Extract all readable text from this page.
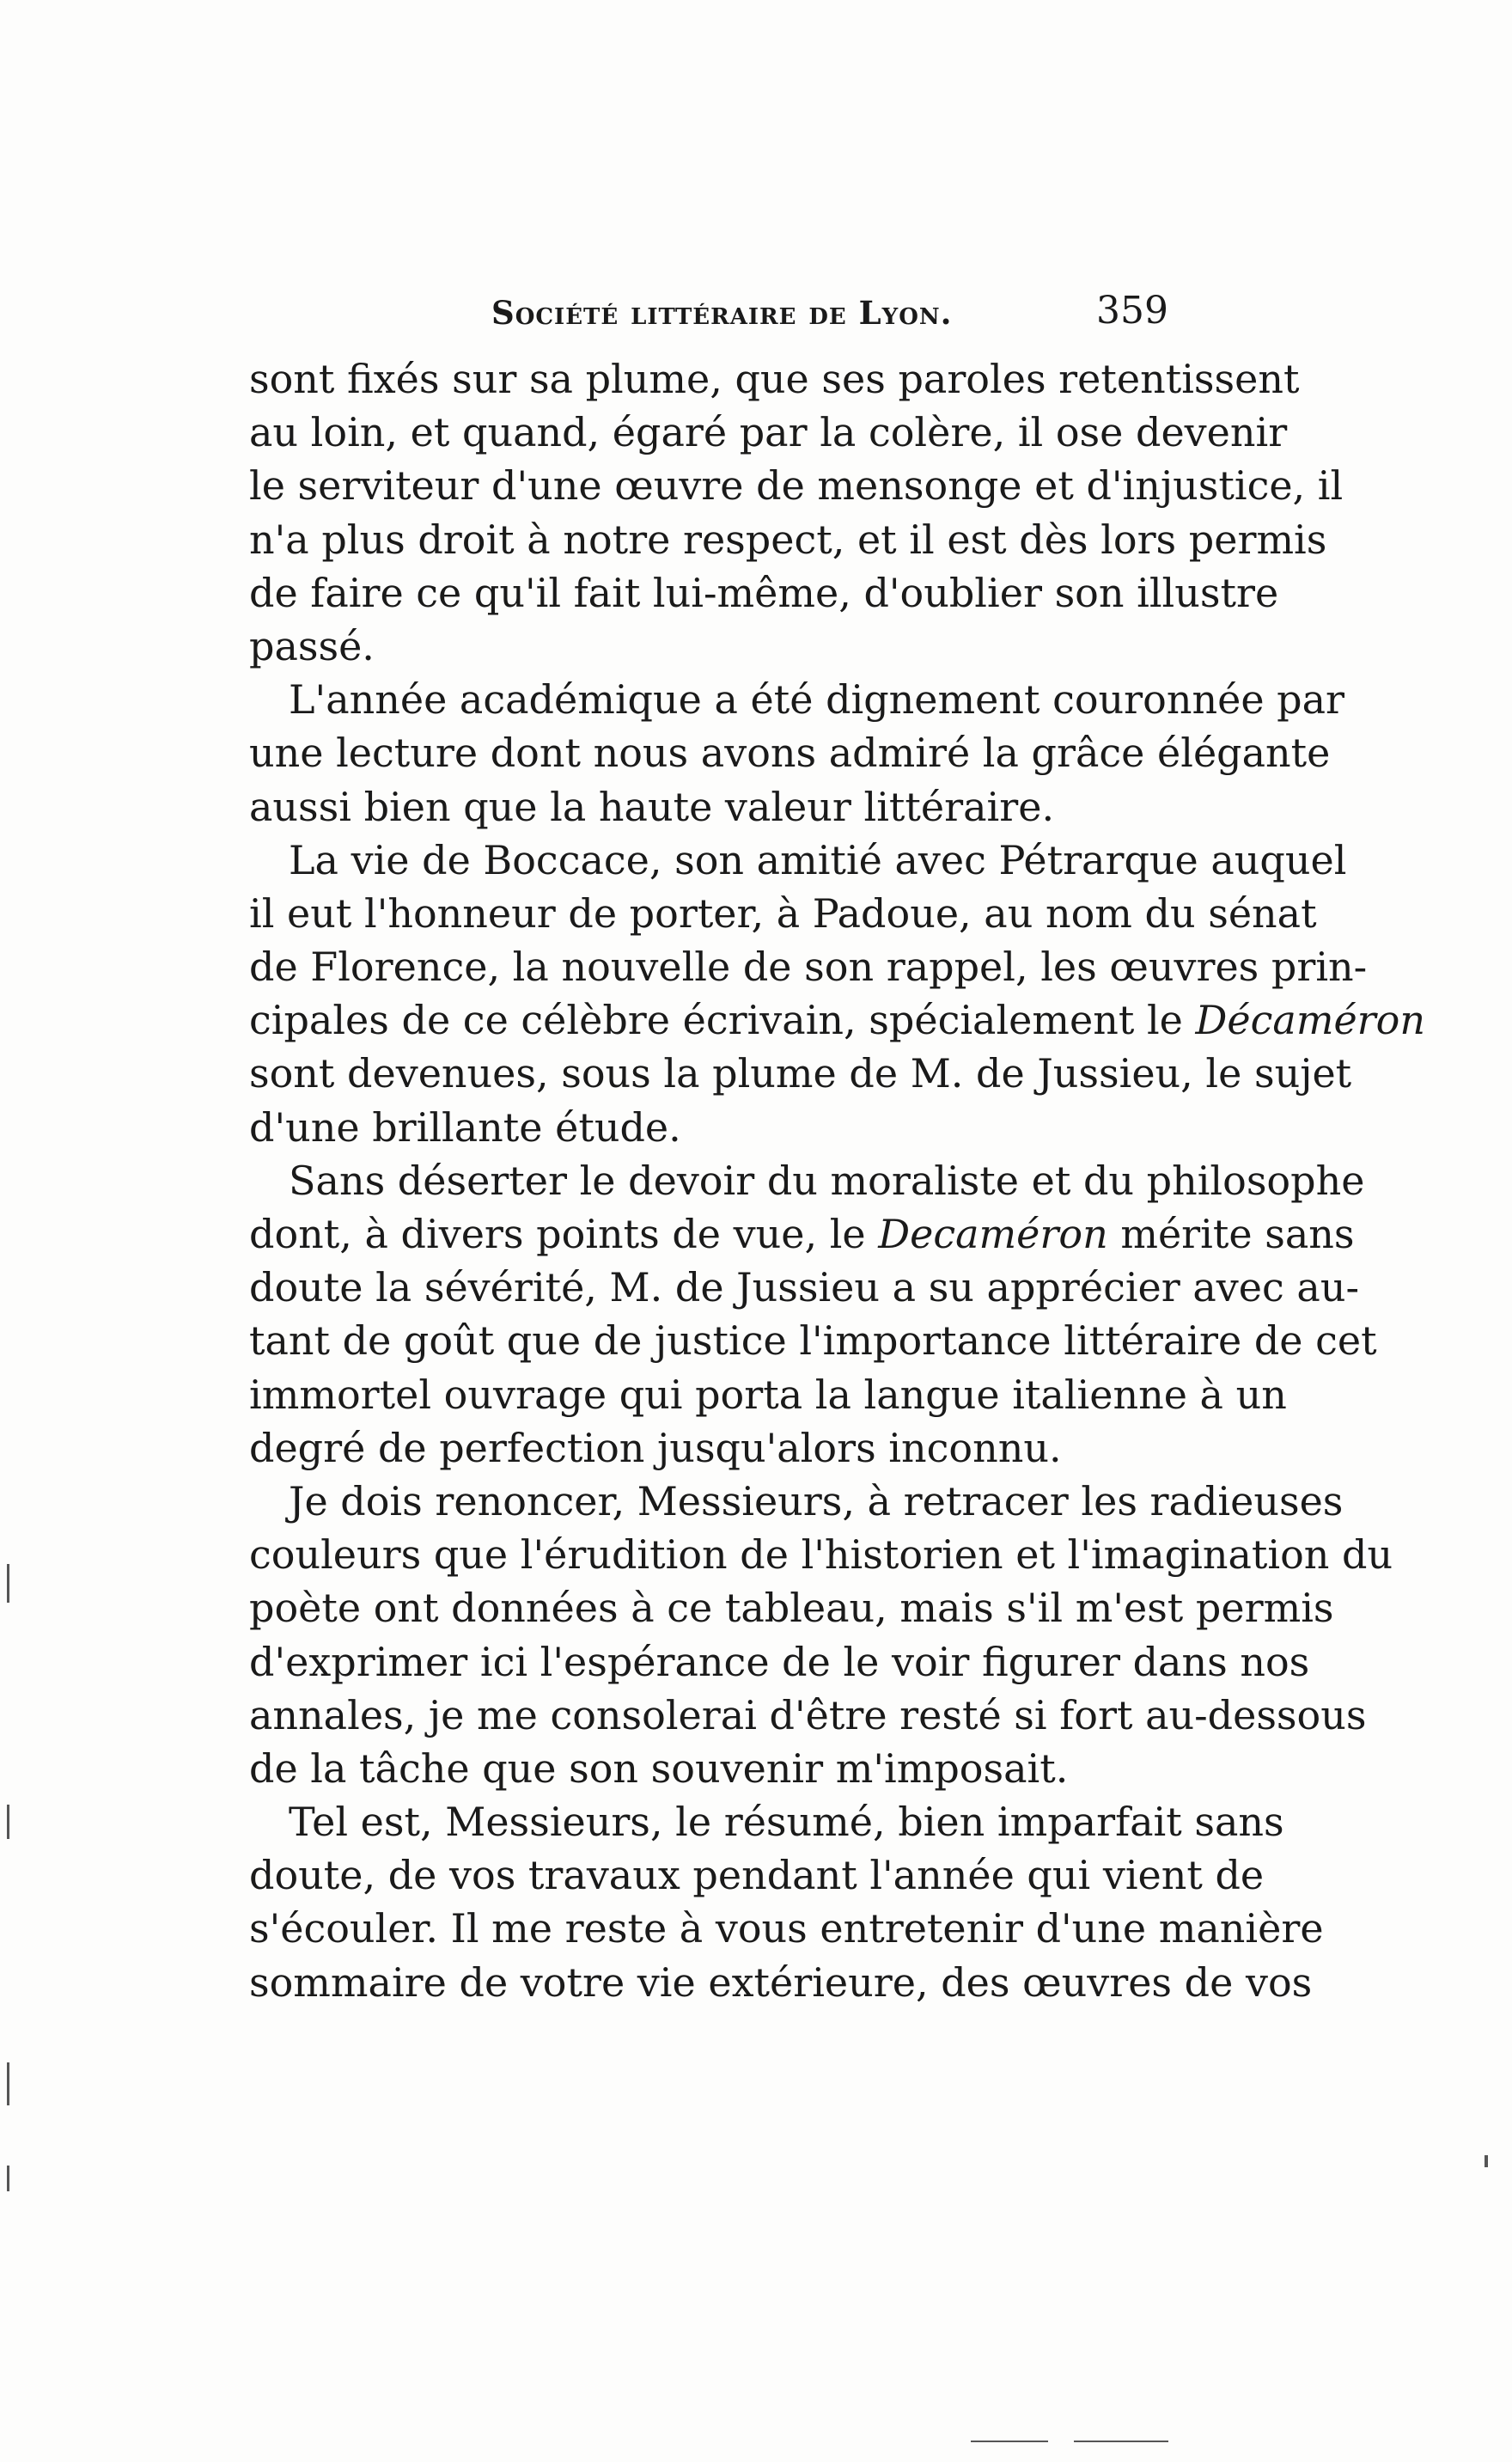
Société littéraire de Lyon.	359
sont fixés sur sa plume, que ses paroles retentissent
au loin, et quand, égaré par la colère, il ose devenir
le serviteur d'une œuvre de mensonge et d'injustice, il
n'a plus droit à notre respect, et il est dès lors permis
de faire ce qu'il fait lui-même, d'oublier son illustre
passé.
L'année académique a été dignement couronnée par
une lecture dont nous avons admiré la grâce élégante
aussi bien que la haute valeur littéraire.
La vie de Boccace, son amitié avec Pétrarque auquel
il eut l'honneur de porter, à Padoue, au nom du sénat
de Florence, la nouvelle de son rappel, les œuvres prin-
cipales de ce célèbre écrivain, spécialement le Décaméron
sont devenues, sous la plume de M. de Jussieu, le sujet
d'une brillante étude.
Sans déserter le devoir du moraliste et du philosophe
dont, à divers points de vue, le Decaméron mérite sans
doute la sévérité, M. de Jussieu a su apprécier avec au-
tant de goût que de justice l'importance littéraire de cet
immortel ouvrage qui porta la langue italienne à un
degré de perfection jusqu'alors inconnu.
Je dois renoncer, Messieurs, à retracer les radieuses
couleurs que l'érudition de l'historien et l'imagination du
poète ont données à ce tableau, mais s'il m'est permis
d'exprimer ici l'espérance de le voir figurer dans nos
annales, je me consolerai d'être resté si fort au-dessous
de la tâche que son souvenir m'imposait.
Tel est, Messieurs, le résumé, bien imparfait sans
doute, de vos travaux pendant l'année qui vient de
s'écouler. Il me reste à vous entretenir d'une manière
sommaire de votre vie extérieure, des œuvres de vos
